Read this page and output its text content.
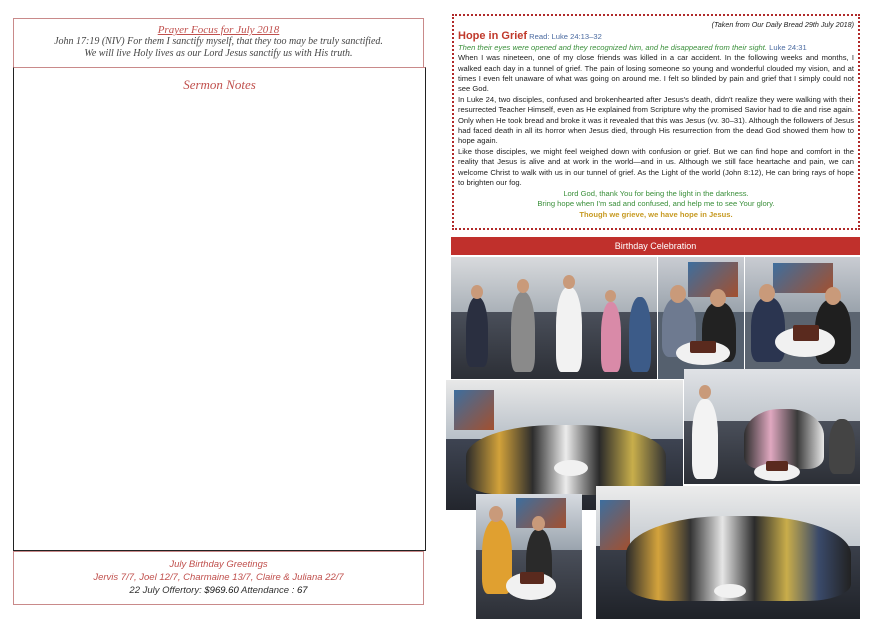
Prayer Focus for July 2018
John 17:19 (NIV) For them I sanctify myself, that they too may be truly sanctified.
We will live Holy lives as our Lord Jesus sanctify us with His truth.
Sermon Notes
July Birthday Greetings
Jervis 7/7, Joel 12/7, Charmaine 13/7, Claire & Juliana 22/7
22 July Offertory: $969.60 Attendance : 67
(Taken from Our Daily Bread 29th July 2018)
Hope in Grief Read: Luke 24:13–32
Then their eyes were opened and they recognized him, and he disappeared from their sight. Luke 24:31

When I was nineteen, one of my close friends was killed in a car accident. In the following weeks and months, I walked each day in a tunnel of grief. The pain of losing someone so young and wonderful clouded my vision, and at times I even felt unaware of what was going on around me. I felt so blinded by pain and grief that I simply could not see God.

In Luke 24, two disciples, confused and brokenhearted after Jesus's death, didn't realize they were walking with their resurrected Teacher Himself, even as He explained from Scripture why the promised Savior had to die and rise again. Only when He took bread and broke it was it revealed that this was Jesus (vv. 30–31). Although the followers of Jesus had faced death in all its horror when Jesus died, through His resurrection from the dead God showed them how to hope again.

Like those disciples, we might feel weighed down with confusion or grief. But we can find hope and comfort in the reality that Jesus is alive and at work in the world—and in us. Although we still face heartache and pain, we can welcome Christ to walk with us in our tunnel of grief. As the Light of the world (John 8:12), He can bring rays of hope to brighten our fog.

Lord God, thank You for being the light in the darkness.

Bring hope when I'm sad and confused, and help me to see Your glory.

Though we grieve, we have hope in Jesus.

Birthday Celebration
